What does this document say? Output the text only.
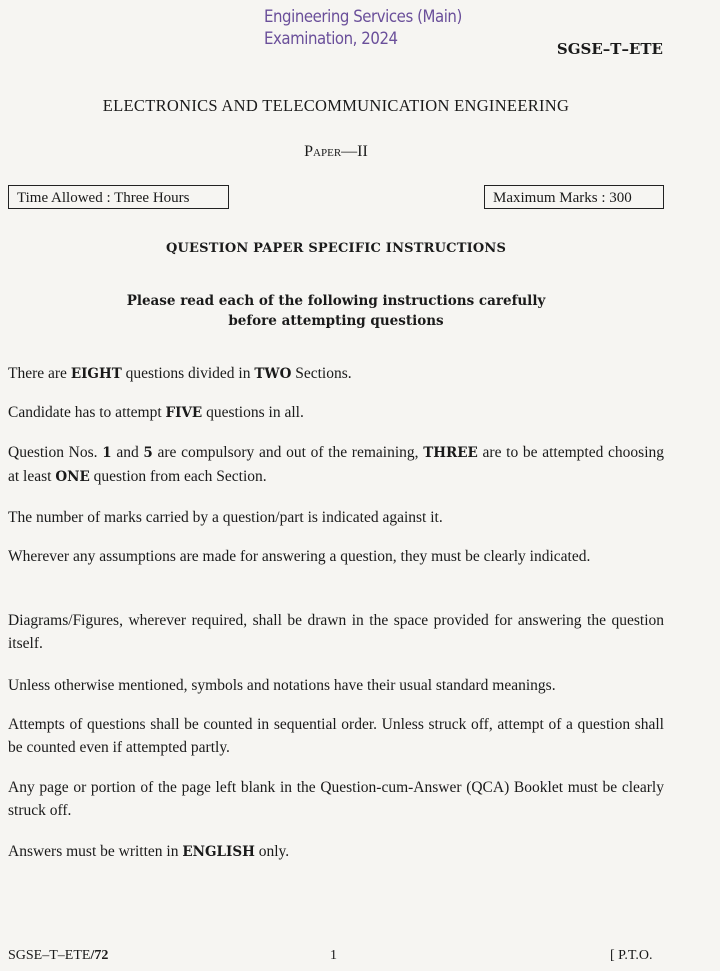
Engineering Services (Main)
Examination, 2024	SGSE–T–ETE
ELECTRONICS AND TELECOMMUNICATION ENGINEERING
Paper—II
Time Allowed : Three Hours	Maximum Marks : 300
QUESTION PAPER SPECIFIC INSTRUCTIONS
Please read each of the following instructions carefully
before attempting questions
There are EIGHT questions divided in TWO Sections.
Candidate has to attempt FIVE questions in all.
Question Nos. 1 and 5 are compulsory and out of the remaining, THREE are to be attempted choosing at least ONE question from each Section.
The number of marks carried by a question/part is indicated against it.
Wherever any assumptions are made for answering a question, they must be clearly indicated.
Diagrams/Figures, wherever required, shall be drawn in the space provided for answering the question itself.
Unless otherwise mentioned, symbols and notations have their usual standard meanings.
Attempts of questions shall be counted in sequential order. Unless struck off, attempt of a question shall be counted even if attempted partly.
Any page or portion of the page left blank in the Question-cum-Answer (QCA) Booklet must be clearly struck off.
Answers must be written in ENGLISH only.
SGSE–T–ETE/72	1	[ P.T.O.
